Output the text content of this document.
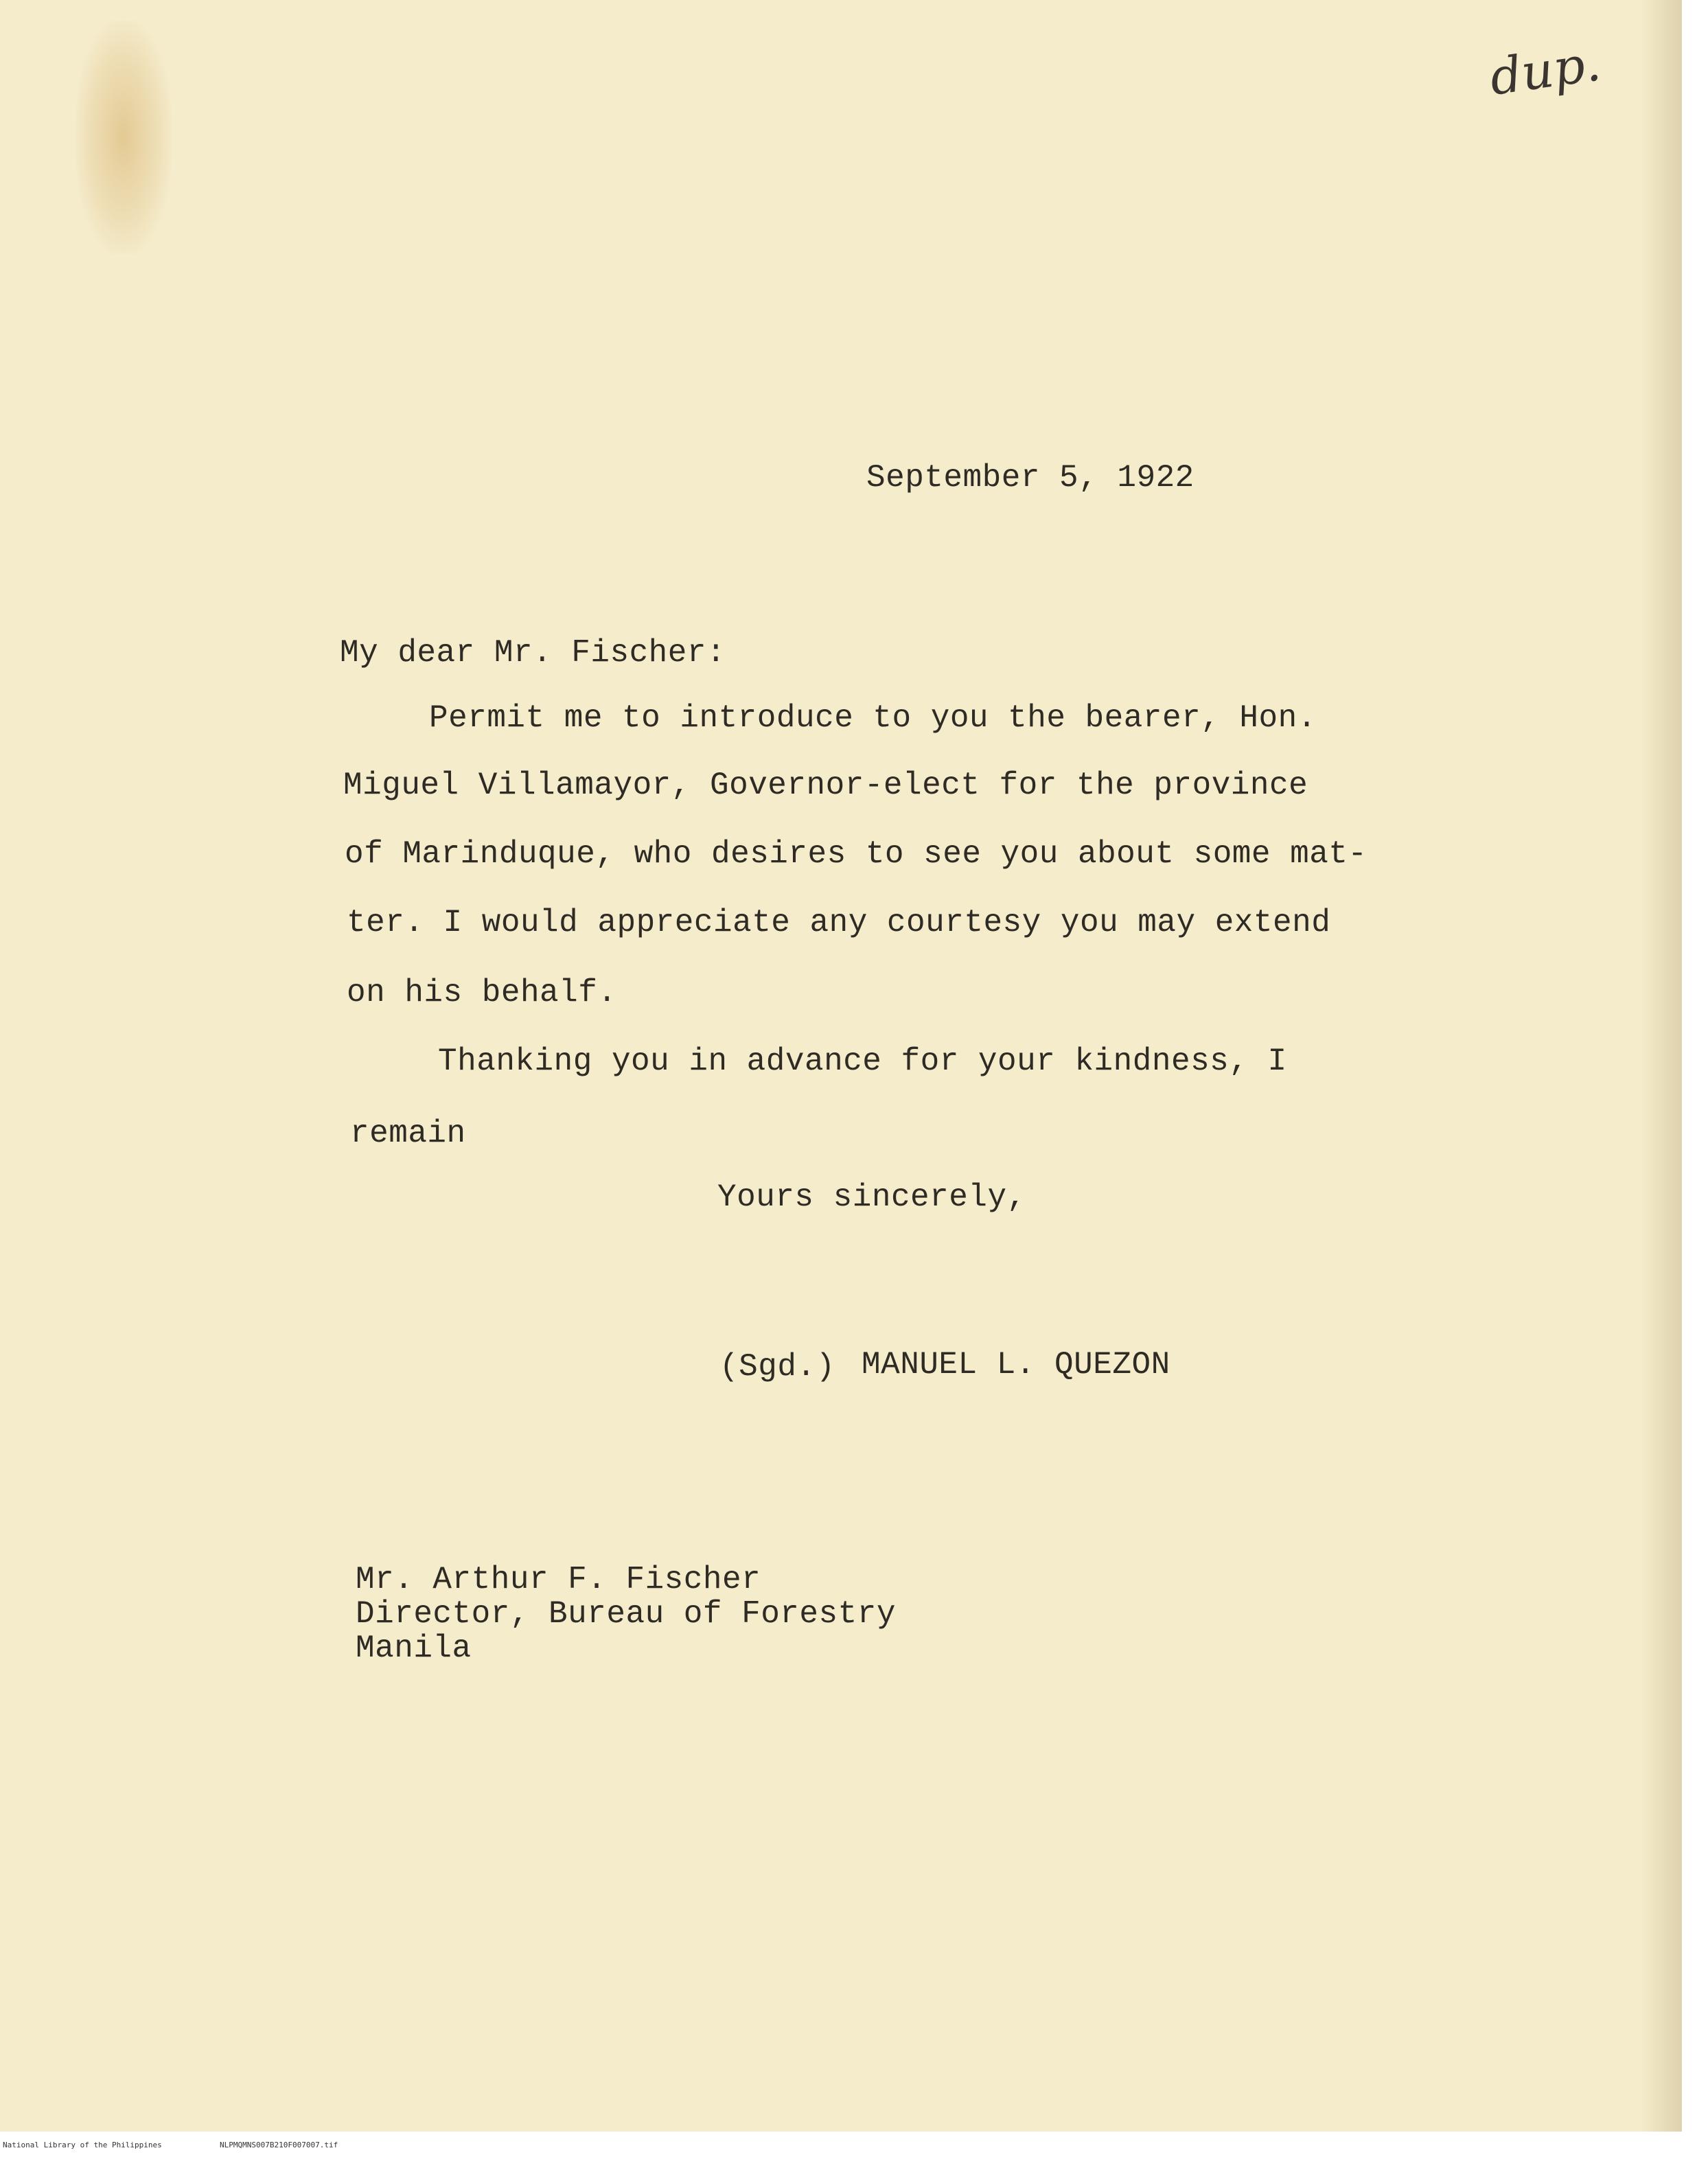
dup.
September 5, 1922
My dear Mr. Fischer:
Permit me to introduce to you the bearer, Hon.
Miguel Villamayor, Governor-elect for the province
of Marinduque, who desires to see you about some mat-
ter. I would appreciate any courtesy you may extend
on his behalf.
Thanking you in advance for your kindness, I
remain
Yours sincerely,
(Sgd.) MANUEL L. QUEZON
Mr. Arthur F. Fischer
Director, Bureau of Forestry
Manila
National Library of the Philippines	NLPMQMNS007B210F007007.tif
